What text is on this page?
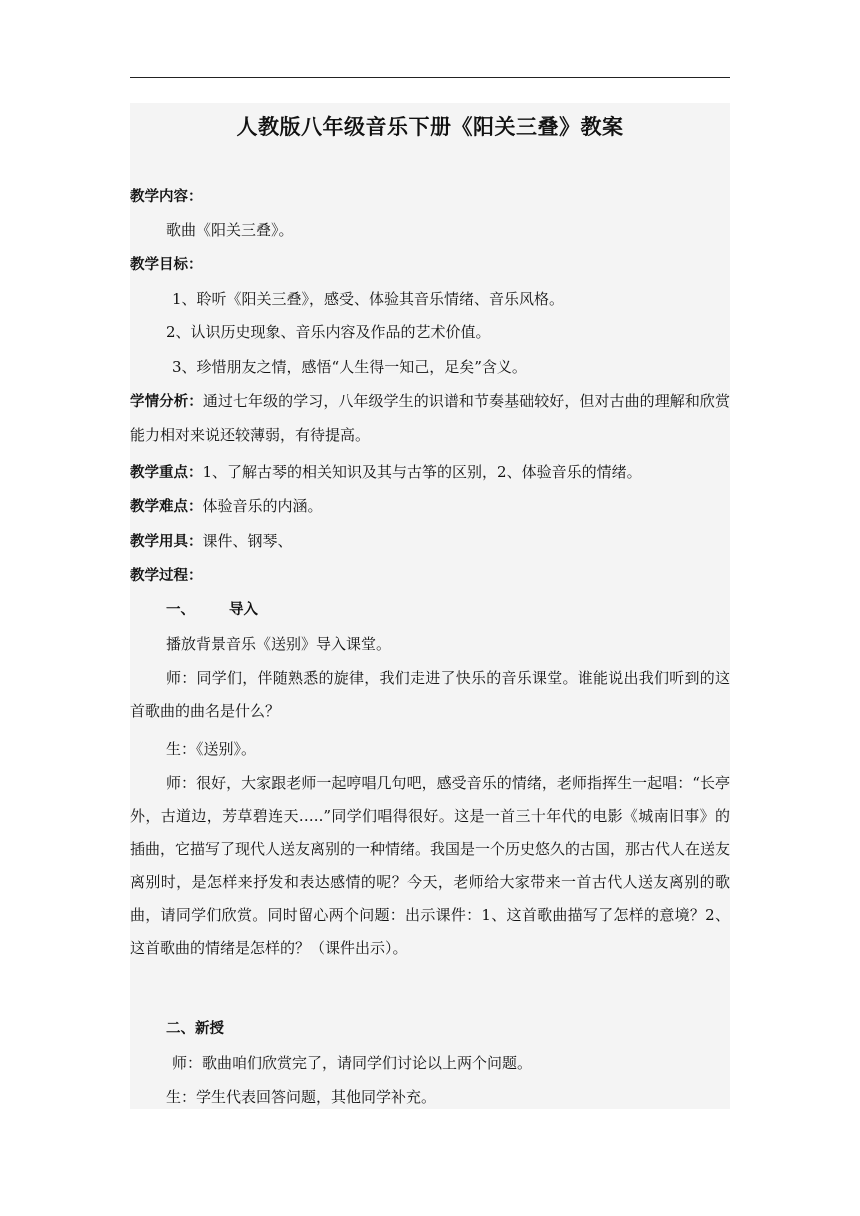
人教版八年级音乐下册《阳关三叠》教案
教学内容：
歌曲《阳关三叠》。
教学目标：
1、聆听《阳关三叠》，感受、体验其音乐情绪、音乐风格。
2、认识历史现象、音乐内容及作品的艺术价值。
3、珍惜朋友之情，感悟“人生得一知己，足矣”含义。
学情分析：通过七年级的学习，八年级学生的识谱和节奏基础较好，但对古曲的理解和欣赏能力相对来说还较薄弱，有待提高。
教学重点：1、了解古琴的相关知识及其与古筝的区别，2、体验音乐的情绪。
教学难点：体验音乐的内涵。
教学用具：课件、钢琴、
教学过程：
一、 导入
播放背景音乐《送别》导入课堂。
师：同学们，伴随熟悉的旋律，我们走进了快乐的音乐课堂。谁能说出我们听到的这首歌曲的曲名是什么？
生：《送别》。
师：很好，大家跟老师一起哼唱几句吧，感受音乐的情绪，老师指挥生一起唱：“长亭外，古道边，芳草碧连天…..”同学们唱得很好。这是一首三十年代的电影《城南旧事》的插曲，它描写了现代人送友离别的一种情绪。我国是一个历史悠久的古国，那古代人在送友离别时，是怎样来抒发和表达感情的呢？今天，老师给大家带来一首古代人送友离别的歌曲，请同学们欣赏。同时留心两个问题：出示课件：1、这首歌曲描写了怎样的意境？2、这首歌曲的情绪是怎样的？（课件出示）。
二、新授
师：歌曲咱们欣赏完了，请同学们讨论以上两个问题。
生：学生代表回答问题，其他同学补充。
